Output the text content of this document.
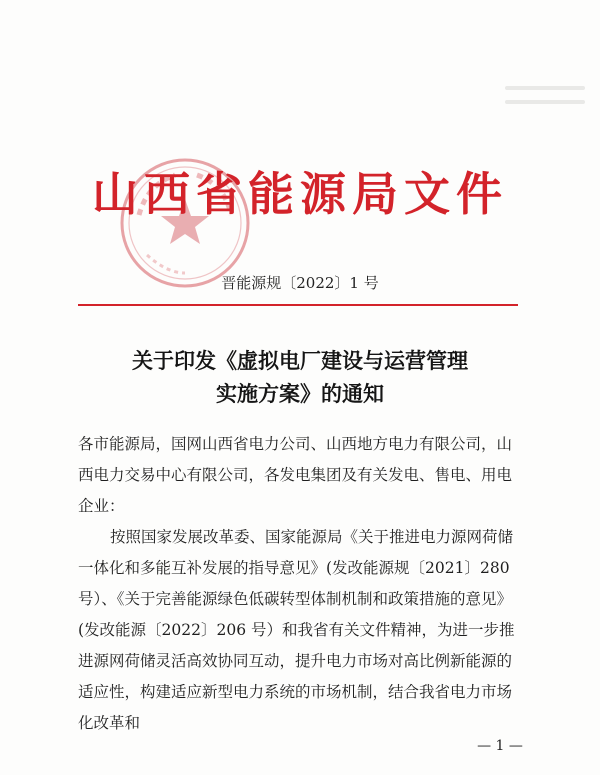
山西省能源局文件
晋能源规〔2022〕1 号
关于印发《虚拟电厂建设与运营管理
实施方案》的通知

各市能源局，国网山西省电力公司、山西地方电力有限公司，山西电力交易中心有限公司，各发电集团及有关发电、售电、用电企业：

按照国家发展改革委、国家能源局《关于推进电力源网荷储一体化和多能互补发展的指导意见》(发改能源规〔2021〕280号）、《关于完善能源绿色低碳转型体制机制和政策措施的意见》(发改能源〔2022〕206 号）和我省有关文件精神，为进一步推进源网荷储灵活高效协同互动，提升电力市场对高比例新能源的适应性，构建适应新型电力系统的市场机制，结合我省电力市场化改革和

— 1 —
